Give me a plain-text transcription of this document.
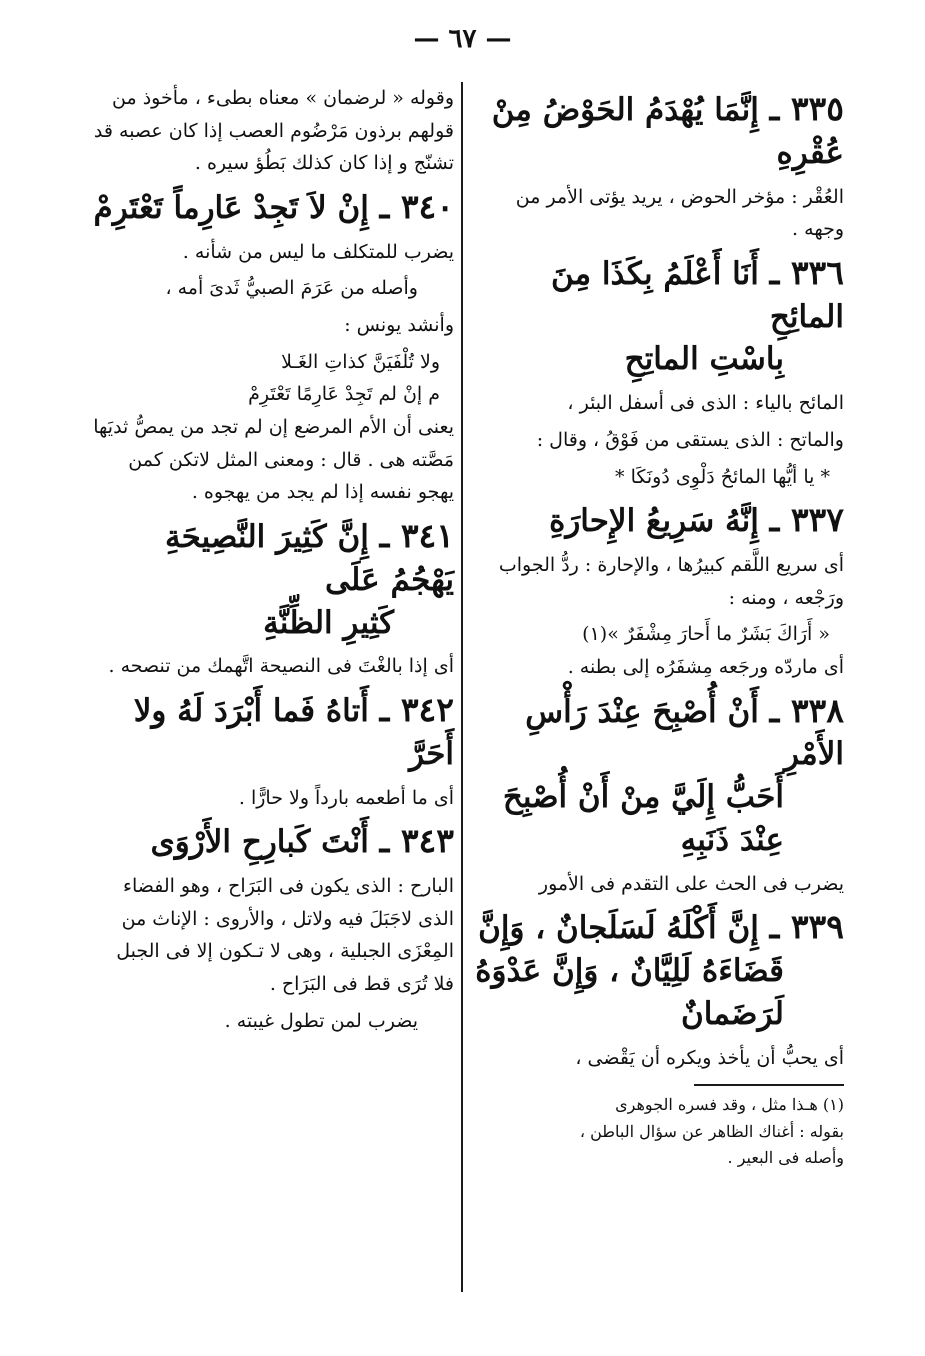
— ٦٧ —
٣٣٥ ـ إِنَّمَا يُهْدَمُ الحَوْضُ مِنْ عُقْرِهِ
العُقْر : مؤخر الحوض ، يريد يؤتى الأمر من وجهه .
٣٣٦ ـ أَنَا أَعْلَمُ بِكَذَا مِنَ المائِحِ
بِاسْتِ الماتِحِ
المائح بالياء : الذى فى أسفل البئر ،
والماتح : الذى يستقى من فَوْقُ ، وقال :
* يا أيُّها المائحُ دَلْوِى دُونَكَا *
٣٣٧ ـ إِنَّهُ سَرِيعُ الإِحارَةِ
أى سريع اللَّقم كبيرُها ، والإحارة : ردُّ الجواب ورَجْعه ، ومنه :
« أَرَاكَ بَشَرٌ ما أَحارَ مِشْفَرٌ »(١)
أى ماردّه ورجَعه مِشفَرُه إلى بطنه .
٣٣٨ ـ أَنْ أُصْبِحَ عِنْدَ رَأْسِ الأَمْرِ
أَحَبُّ إِلَيَّ مِنْ أَنْ أُصْبِحَ عِنْدَ ذَنَبِهِ
يضرب فى الحث على التقدم فى الأمور
٣٣٩ ـ إِنَّ أَكْلَهُ لَسَلَجانٌ ، وَإِنَّ
قَضَاءَهُ لَلِيَّانٌ ، وَإِنَّ عَدْوَهُ لَرَضَمانٌ
أى يحبُّ أن يأخذ ويكره أن يَقْضى ،
(١) هـذا مثل ، وقد فسره الجوهرى
بقوله : أغناك الظاهر عن سؤال الباطن ،
وأصله فى البعير .
وقوله « لرضمان » معناه بطىء ، مأخوذ من قولهم برذون مَرْضُوم العصب إذا كان عصبه قد تشنّج و إذا كان كذلك بَطُؤ سيره .
٣٤٠ ـ إِنْ لاَ تَجِدْ عَارِماً تَعْتَرِمْ
يضرب للمتكلف ما ليس من شأنه .
وأصله من عَرَمَ الصبيُّ ثَدىَ أمه ،
وأنشد يونس :
ولا تُلْفَيَنَّ كذاتِ الغَـلا
م إنْ لم تَجِدْ عَارِمًا تَعْتَرِمْ
يعنى أن الأم المرضع إن لم تجد من يمصُّ ثديَها مَصَّته هى . قال : ومعنى المثل لاتكن كمن يهجو نفسه إذا لم يجد من يهجوه .
٣٤١ ـ إِنَّ كَثِيرَ النَّصِيحَةِ يَهْجُمُ عَلَى
كَثِيرِ الظِّنَّةِ
أى إذا بالغْتَ فى النصيحة اتَّهمك من تنصحه .
٣٤٢ ـ أَتاهُ فَما أَبْرَدَ لَهُ ولا أَحَرَّ
أى ما أطعمه بارداً ولا حارًّا .
٣٤٣ ـ أَنْتَ كَبارِحِ الأَرْوَى
البارح : الذى يكون فى البَرَاح ، وهو الفضاء الذى لاجَبَلَ فيه ولاتل ، والأروى : الإناث من المِعْزَى الجبلية ، وهى لا تـكون إلا فى الجبل فلا تُرَى قط فى البَرَاح .
يضرب لمن تطول غيبته .
